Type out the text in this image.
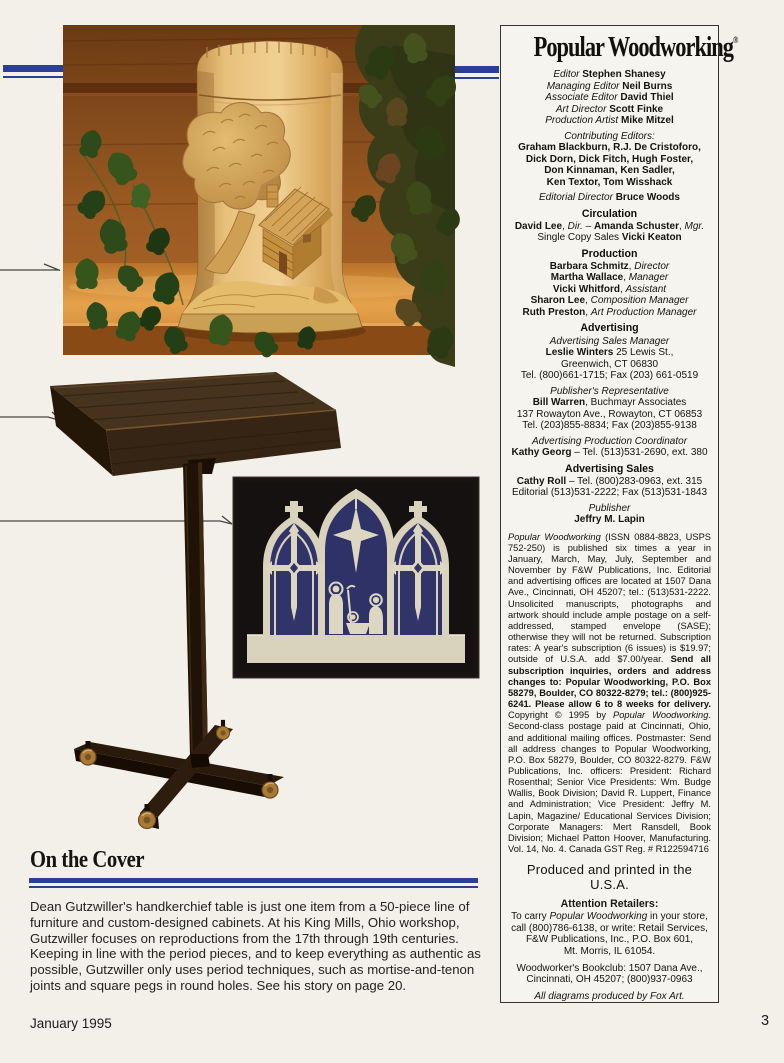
Popular Woodworking®
Editor Stephen Shanesy
Managing Editor Neil Burns
Associate Editor David Thiel
Art Director Scott Finke
Production Artist Mike Mitzel
Contributing Editors:
Graham Blackburn, R.J. De Cristoforo,
Dick Dorn, Dick Fitch, Hugh Foster,
Don Kinnaman, Ken Sadler,
Ken Textor, Tom Wisshack
Editorial Director Bruce Woods
Circulation
David Lee, Dir. – Amanda Schuster, Mgr.
Single Copy Sales Vicki Keaton
Production
Barbara Schmitz, Director
Martha Wallace, Manager
Vicki Whitford, Assistant
Sharon Lee, Composition Manager
Ruth Preston, Art Production Manager
Advertising
Advertising Sales Manager
Leslie Winters 25 Lewis St.,
Greenwich, CT 06830
Tel. (800)661-1715; Fax (203) 661-0519
Publisher's Representative
Bill Warren, Buchmayr Associates
137 Rowayton Ave., Rowayton, CT 06853
Tel. (203)855-8834; Fax (203)855-9138
Advertising Production Coordinator
Kathy Georg – Tel. (513)531-2690, ext. 380
Advertising Sales
Cathy Roll – Tel. (800)283-0963, ext. 315
Editorial (513)531-2222; Fax (513)531-1843
Publisher
Jeffry M. Lapin
Popular Woodworking (ISSN 0884-8823, USPS 752-250) is published six times a year in January, March, May, July, September and November by F&W Publications, Inc. Editorial and advertising offices are located at 1507 Dana Ave., Cincinnati, OH 45207; tel.: (513)531-2222. Unsolicited manuscripts, photographs and artwork should include ample postage on a self-addressed, stamped envelope (SASE); otherwise they will not be returned. Subscription rates: A year's subscription (6 issues) is $19.97; outside of U.S.A. add $7.00/year. Send all subscription inquiries, orders and address changes to: Popular Woodworking, P.O. Box 58279, Boulder, CO 80322-8279; tel.: (800)925-6241. Please allow 6 to 8 weeks for delivery. Copyright © 1995 by Popular Woodworking. Second-class postage paid at Cincinnati, Ohio, and additional mailing offices. Postmaster: Send all address changes to Popular Woodworking, P.O. Box 58279, Boulder, CO 80322-8279. F&W Publications, Inc. officers: President: Richard Rosenthal; Senior Vice Presidents: Wm. Budge Wallis, Book Division; David R. Luppert, Finance and Administration; Vice President: Jeffry M. Lapin, Magazine/ Educational Services Division; Corporate Managers: Mert Ransdell, Book Division; Michael Patton Hoover, Manufacturing. Vol. 14, No. 4. Canada GST Reg. # R122594716
Produced and printed in the U.S.A.
Attention Retailers:
To carry Popular Woodworking in your store,
call (800)786-6138, or write: Retail Services,
F&W Publications, Inc., P.O. Box 601,
Mt. Morris, IL 61054.
Woodworker's Bookclub: 1507 Dana Ave.,
Cincinnati, OH 45207; (800)937-0963
All diagrams produced by Fox Art.
On the Cover
Dean Gutzwiller's handkerchief table is just one item from a 50-piece line of furniture and custom-designed cabinets. At his King Mills, Ohio workshop, Gutzwiller focuses on reproductions from the 17th through 19th centuries. Keeping in line with the period pieces, and to keep everything as authentic as possible, Gutzwiller only uses period techniques, such as mortise-and-tenon joints and square pegs in round holes. See his story on page 20.
January 1995	3
